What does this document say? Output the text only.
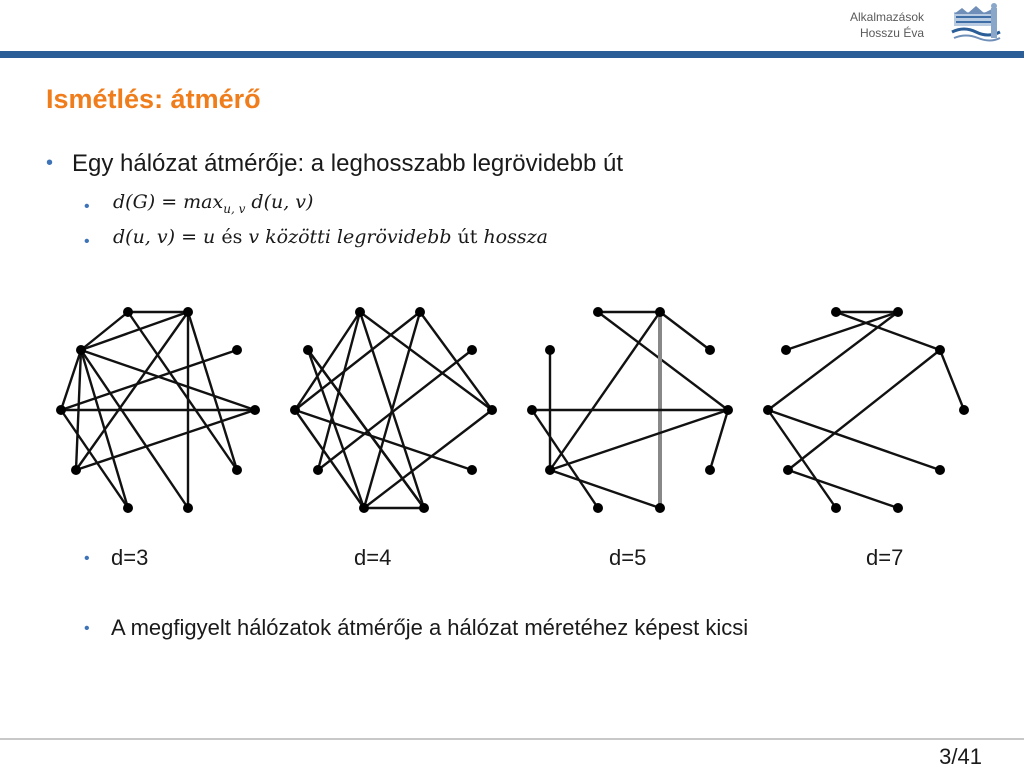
Alkalmazások
Hosszu Éva
Ismétlés: átmérő
• Egy hálózat átmérője: a leghosszabb legrövidebb út
• $d(G) = \max_{u, v} d(u$, v)
• d(u, v) = u és v közötti legrövidebb út hossza
• d=3	d=4	d=5	d=7
• A megfigyelt hálózatok átmérője a hálózat méretéhez képest kicsi
3/41
